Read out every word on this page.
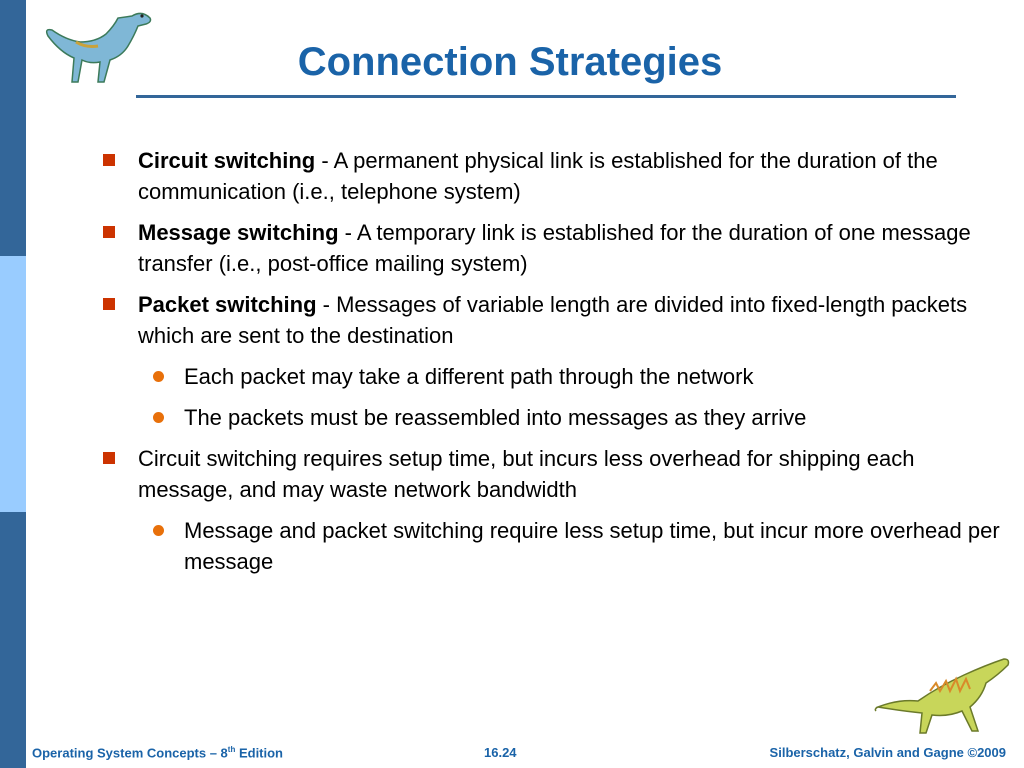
Connection Strategies
Circuit switching - A permanent physical link is established for the duration of the communication (i.e., telephone system)
Message switching - A temporary link is established for the duration of one message transfer (i.e., post-office mailing system)
Packet switching - Messages of variable length are divided into fixed-length packets which are sent to the destination
Each packet may take a different path through the network
The packets must be reassembled into messages as they arrive
Circuit switching requires setup time, but incurs less overhead for shipping each message, and may waste network bandwidth
Message and packet switching require less setup time, but incur more overhead per message
Operating System Concepts – 8th Edition	16.24	Silberschatz, Galvin and Gagne ©2009
